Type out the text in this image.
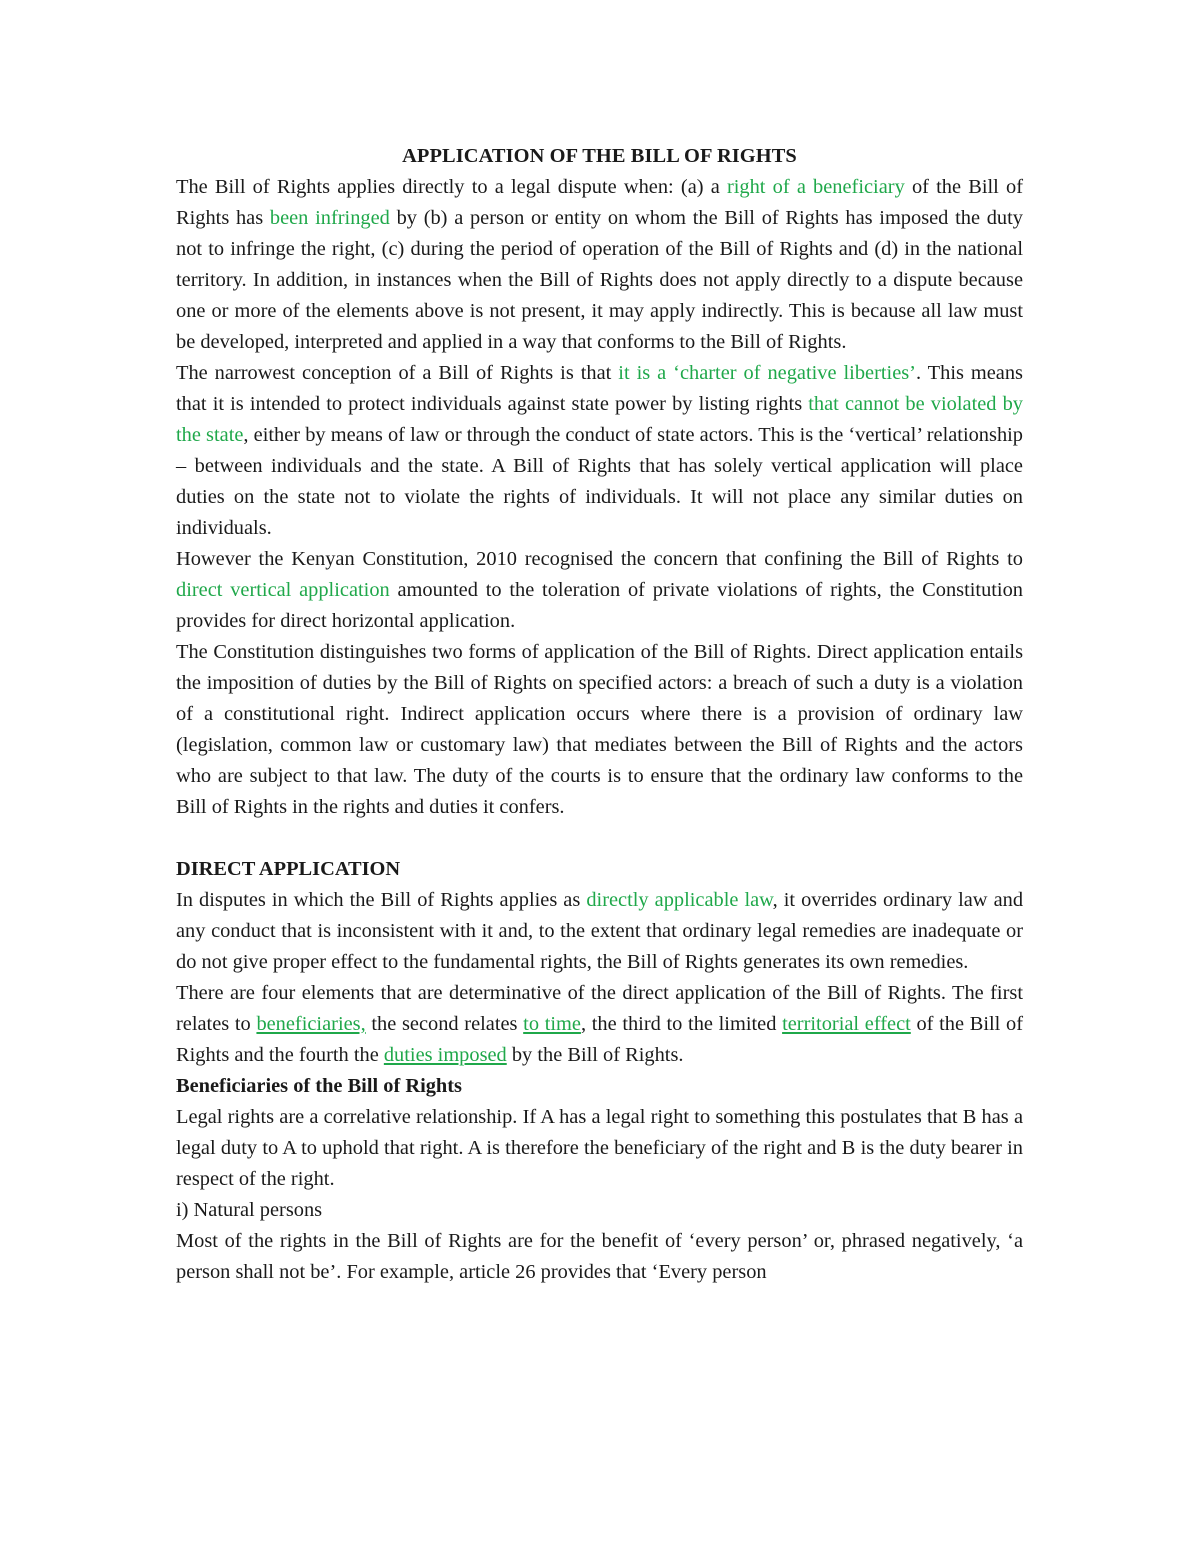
APPLICATION OF THE BILL OF RIGHTS

The Bill of Rights applies directly to a legal dispute when: (a) a right of a beneficiary of the Bill of Rights has been infringed by (b) a person or entity on whom the Bill of Rights has imposed the duty not to infringe the right, (c) during the period of operation of the Bill of Rights and (d) in the national territory. In addition, in instances when the Bill of Rights does not apply directly to a dispute because one or more of the elements above is not present, it may apply indirectly. This is because all law must be developed, interpreted and applied in a way that conforms to the Bill of Rights.

The narrowest conception of a Bill of Rights is that it is a ‘charter of negative liberties’. This means that it is intended to protect individuals against state power by listing rights that cannot be violated by the state, either by means of law or through the conduct of state actors. This is the ‘vertical’ relationship – between individuals and the state. A Bill of Rights that has solely vertical application will place duties on the state not to violate the rights of individuals. It will not place any similar duties on individuals.

However the Kenyan Constitution, 2010 recognised the concern that confining the Bill of Rights to direct vertical application amounted to the toleration of private violations of rights, the Constitution provides for direct horizontal application.

The Constitution distinguishes two forms of application of the Bill of Rights. Direct application entails the imposition of duties by the Bill of Rights on specified actors: a breach of such a duty is a violation of a constitutional right. Indirect application occurs where there is a provision of ordinary law (legislation, common law or customary law) that mediates between the Bill of Rights and the actors who are subject to that law. The duty of the courts is to ensure that the ordinary law conforms to the Bill of Rights in the rights and duties it confers.

DIRECT APPLICATION

In disputes in which the Bill of Rights applies as directly applicable law, it overrides ordinary law and any conduct that is inconsistent with it and, to the extent that ordinary legal remedies are inadequate or do not give proper effect to the fundamental rights, the Bill of Rights generates its own remedies.

There are four elements that are determinative of the direct application of the Bill of Rights. The first relates to beneficiaries, the second relates to time, the third to the limited territorial effect of the Bill of Rights and the fourth the duties imposed by the Bill of Rights.

Beneficiaries of the Bill of Rights

Legal rights are a correlative relationship. If A has a legal right to something this postulates that B has a legal duty to A to uphold that right. A is therefore the beneficiary of the right and B is the duty bearer in respect of the right.

i) Natural persons

Most of the rights in the Bill of Rights are for the benefit of ‘every person’ or, phrased negatively, ‘a person shall not be’. For example, article 26 provides that ‘Every person
